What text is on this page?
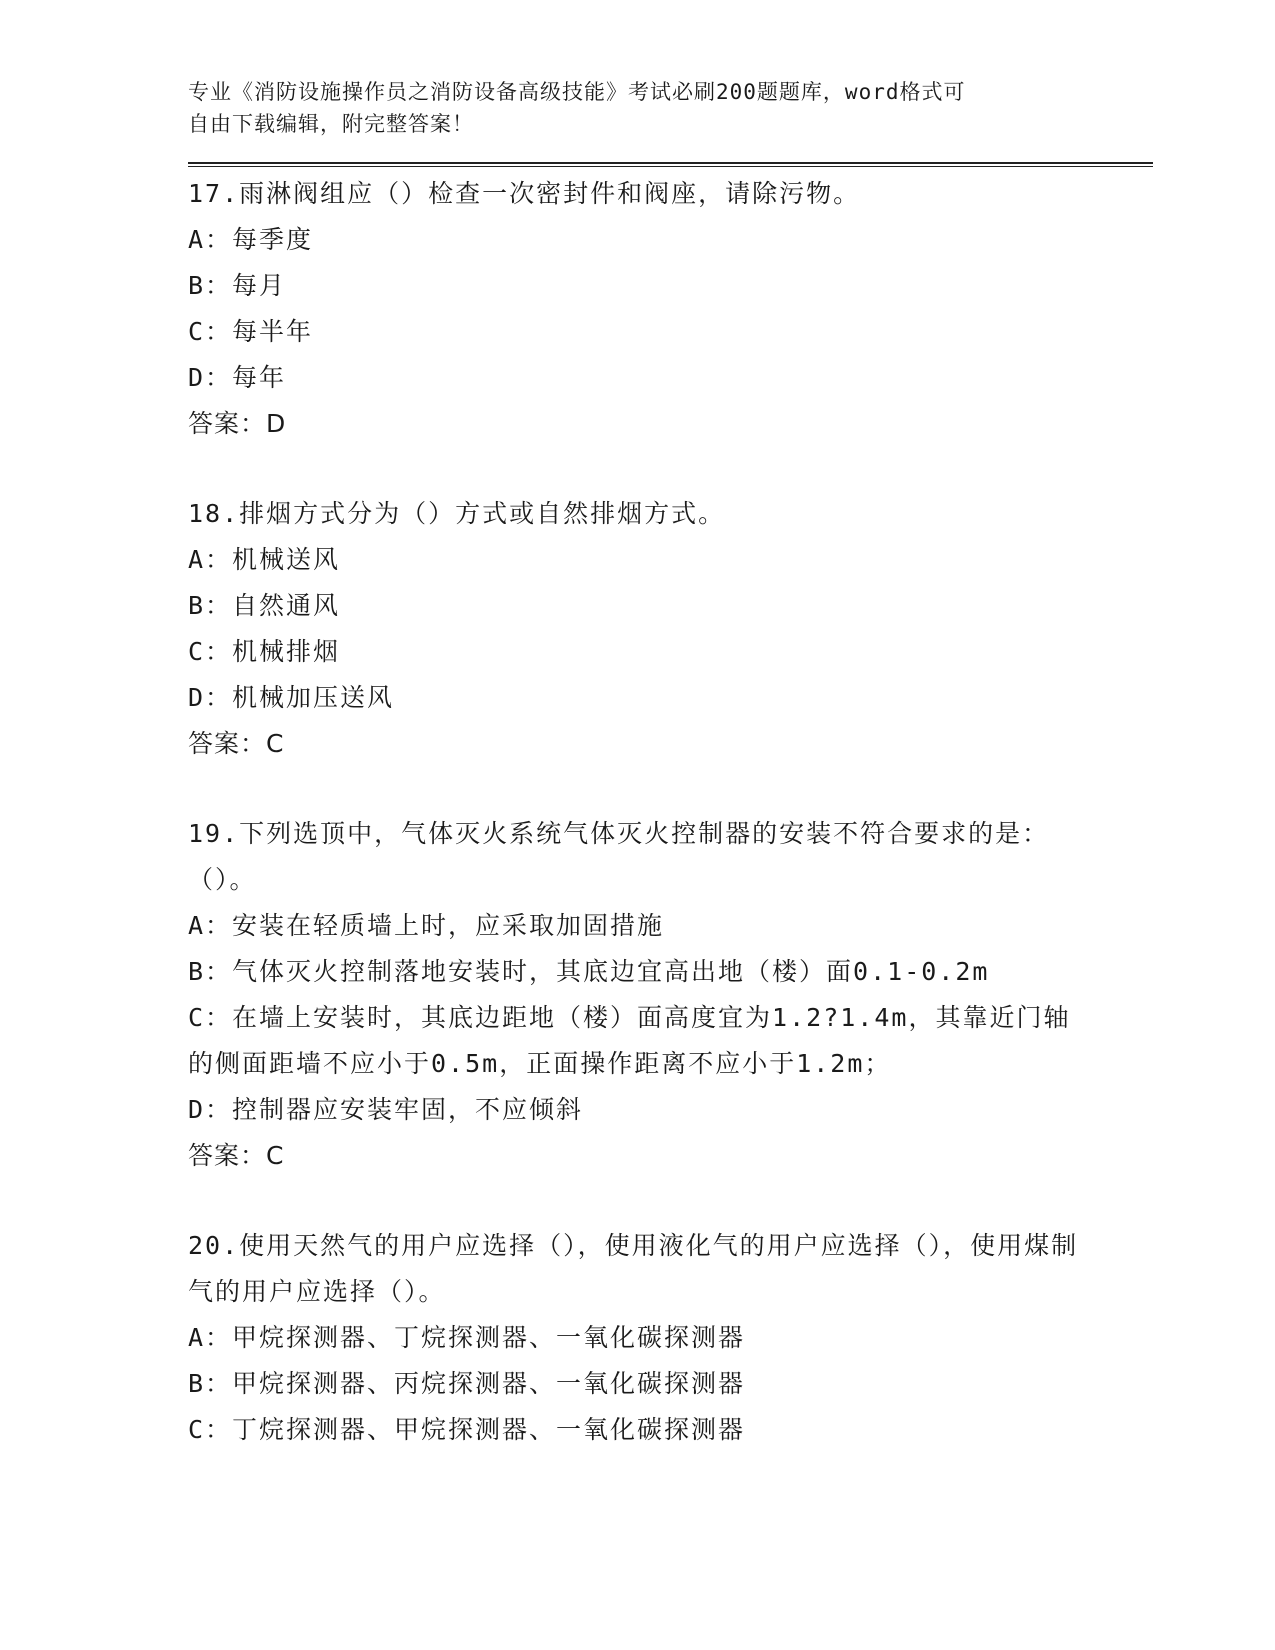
专业《消防设施操作员之消防设备高级技能》考试必刷200题题库，word格式可
自由下载编辑，附完整答案！
17.雨淋阀组应（）检查一次密封件和阀座，请除污物。
A：每季度
B：每月
C：每半年
D：每年
答案：D
18.排烟方式分为（）方式或自然排烟方式。
A：机械送风
B：自然通风
C：机械排烟
D：机械加压送风
答案：C
19.下列选顶中，气体灭火系统气体灭火控制器的安装不符合要求的是：（）。
A：安装在轻质墙上时，应采取加固措施
B：气体灭火控制落地安装时，其底边宜高出地（楼）面0.1-0.2m
C：在墙上安装时，其底边距地（楼）面高度宜为1.2?1.4m，其靠近门轴的侧面距墙不应小于0.5m，正面操作距离不应小于1.2m；
D：控制器应安装牢固，不应倾斜
答案：C
20.使用天然气的用户应选择（），使用液化气的用户应选择（），使用煤制气的用户应选择（）。
A：甲烷探测器、丁烷探测器、一氧化碳探测器
B：甲烷探测器、丙烷探测器、一氧化碳探测器
C：丁烷探测器、甲烷探测器、一氧化碳探测器
